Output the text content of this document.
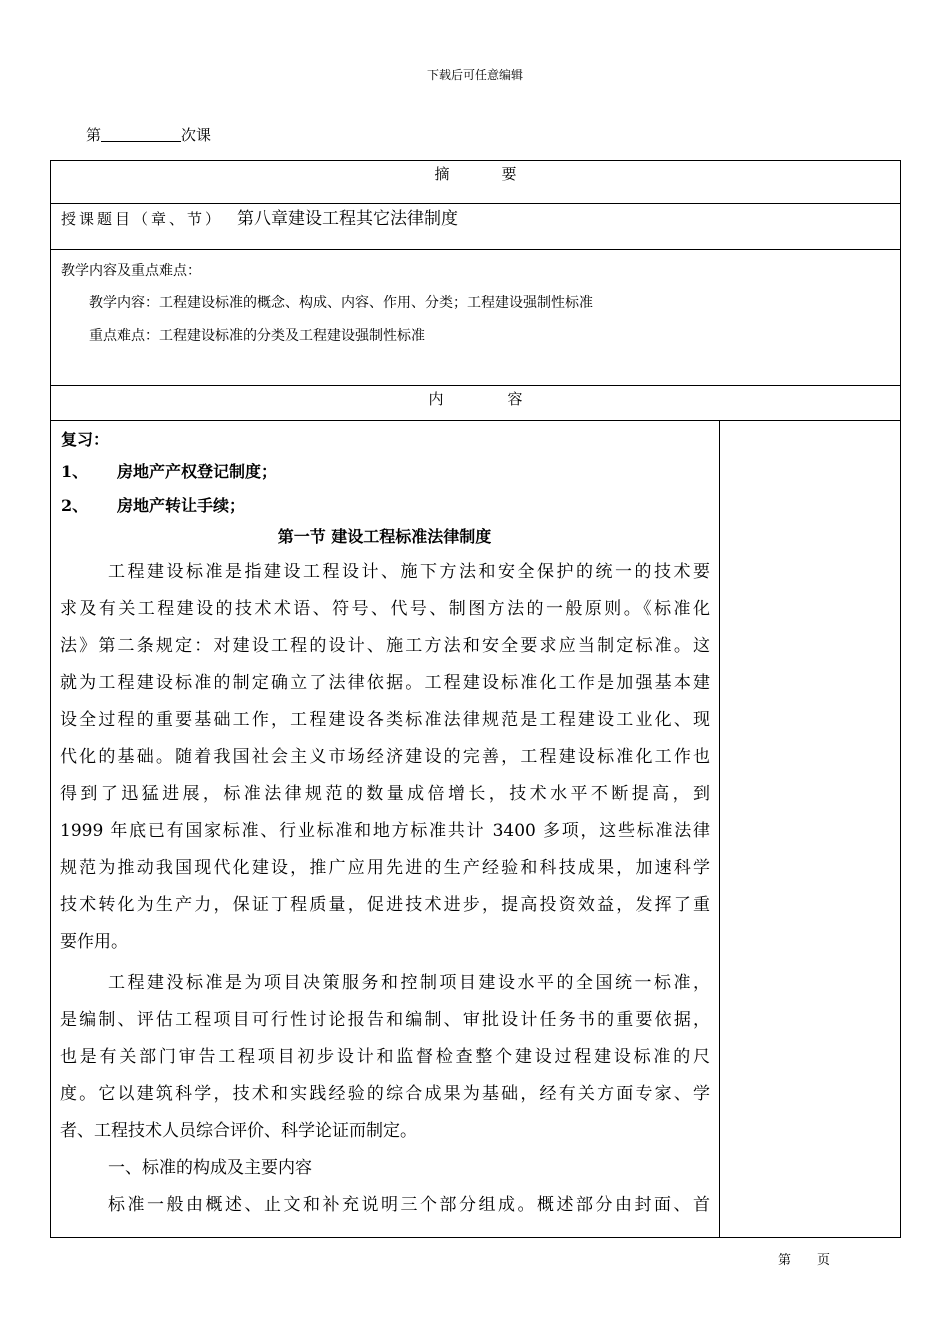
下载后可任意编辑
第	次课
摘	要
授课题目（章、节） 第八章建设工程其它法律制度
教学内容及重点难点：
教学内容：工程建设标准的概念、构成、内容、作用、分类；工程建设强制性标准
重点难点：工程建设标准的分类及工程建设强制性标准
内	容
复习：
1、 房地产产权登记制度；
2、 房地产转让手续；
第一节 建设工程标准法律制度
工程建设标准是指建设工程设计、施下方法和安全保护的统一的技术要
求及有关工程建设的技术术语、符号、代号、制图方法的一般原则。《标准化
法》第二条规定：对建设工程的设计、施工方法和安全要求应当制定标准。这
就为工程建设标准的制定确立了法律依据。工程建设标准化工作是加强基本建
设全过程的重要基础工作，工程建设各类标准法律规范是工程建设工业化、现
代化的基础。随着我国社会主义市场经济建设的完善，工程建设标准化工作也
得到了迅猛进展，标准法律规范的数量成倍增长，技术水平不断提高，到
1999 年底已有国家标准、行业标准和地方标准共计 3400 多项，这些标准法律
规范为推动我国现代化建设，推广应用先进的生产经验和科技成果，加速科学
技术转化为生产力，保证丁程质量，促进技术进步，提高投资效益，发挥了重
要作用。
工程建没标准是为项目决策服务和控制项目建设水平的全国统一标准，
是编制、评估工程项目可行性讨论报告和编制、审批设计任务书的重要依据，
也是有关部门审告工程项目初步设计和监督检查整个建设过程建设标准的尺
度。它以建筑科学，技术和实践经验的综合成果为基础，经有关方面专家、学
者、工程技术人员综合评价、科学论证而制定。
一、标准的构成及主要内容
标准一般由概述、止文和补充说明三个部分组成。概述部分由封面、首
第 页
